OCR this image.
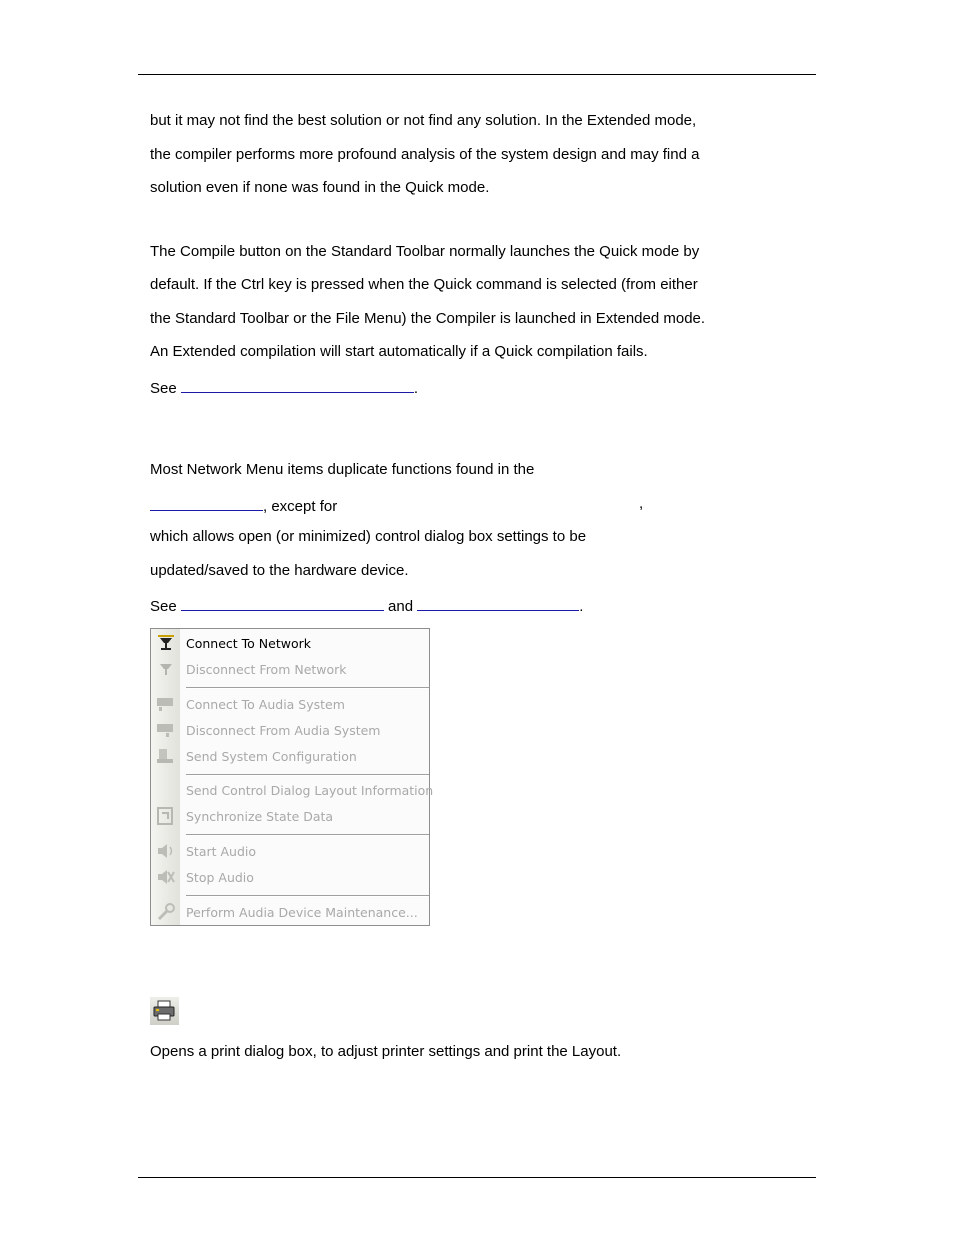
but it may not find the best solution or not find any solution. In the Extended mode,
the compiler performs more profound analysis of the system design and may find a
solution even if none was found in the Quick mode.
The Compile button on the Standard Toolbar normally launches the Quick mode by
default. If the Ctrl key is pressed when the Quick command is selected (from either
the Standard Toolbar or the File Menu) the Compiler is launched in Extended mode.
An Extended compilation will start automatically if a Quick compilation fails.
See	.
Most Network Menu items duplicate functions found in the
, except for	,
which allows open (or minimized) control dialog box settings to be
updated/saved to the hardware device.
See	and	.
Connect To Network
Disconnect From Network
Connect To Audia System
Disconnect From Audia System
Send System Configuration
Send Control Dialog Layout Information
Synchronize State Data
Start Audio
Stop Audio
Perform Audia Device Maintenance...
Opens a print dialog box, to adjust printer settings and print the Layout.
